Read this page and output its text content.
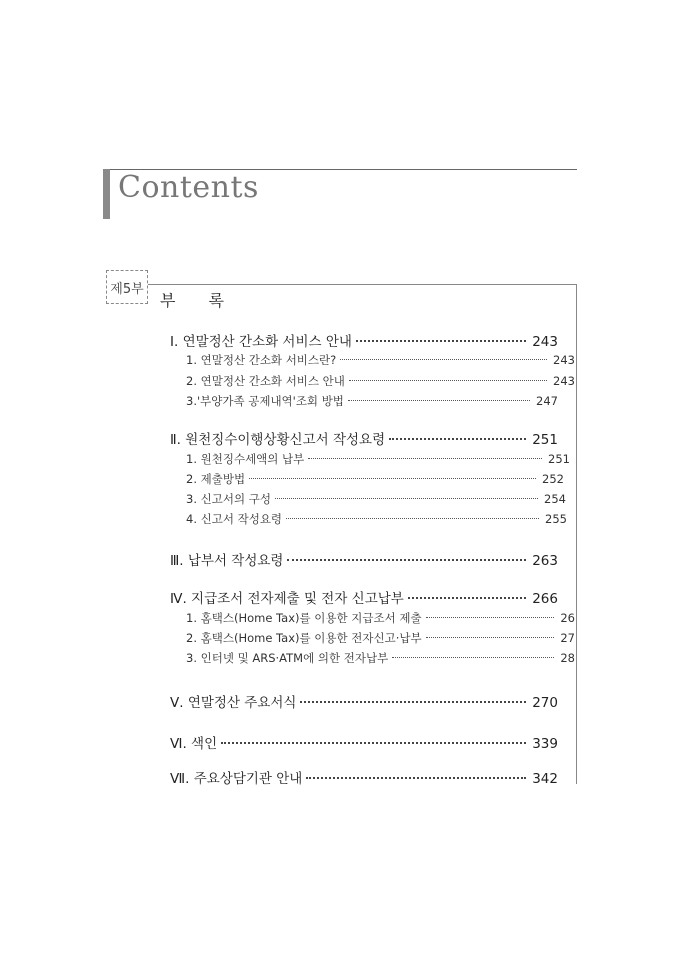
Contents
제5부
부 록
Ⅰ. 연말정산 간소화 서비스 안내	243
1. 연말정산 간소화 서비스란?	243
2. 연말정산 간소화 서비스 안내	243
3.'부양가족 공제내역'조회 방법	247
Ⅱ. 원천징수이행상황신고서 작성요령	251
1. 원천징수세액의 납부	251
2. 제출방법	252
3. 신고서의 구성	254
4. 신고서 작성요령	255
Ⅲ. 납부서 작성요령	263
Ⅳ. 지급조서 전자제출 및 전자 신고납부	266
1. 홈택스(Home Tax)를 이용한 지급조서 제출	26
2. 홈택스(Home Tax)를 이용한 전자신고·납부	27
3. 인터넷 및 ARS·ATM에 의한 전자납부	28
Ⅴ. 연말정산 주요서식	270
Ⅵ. 색인	339
Ⅶ. 주요상담기관 안내	342
